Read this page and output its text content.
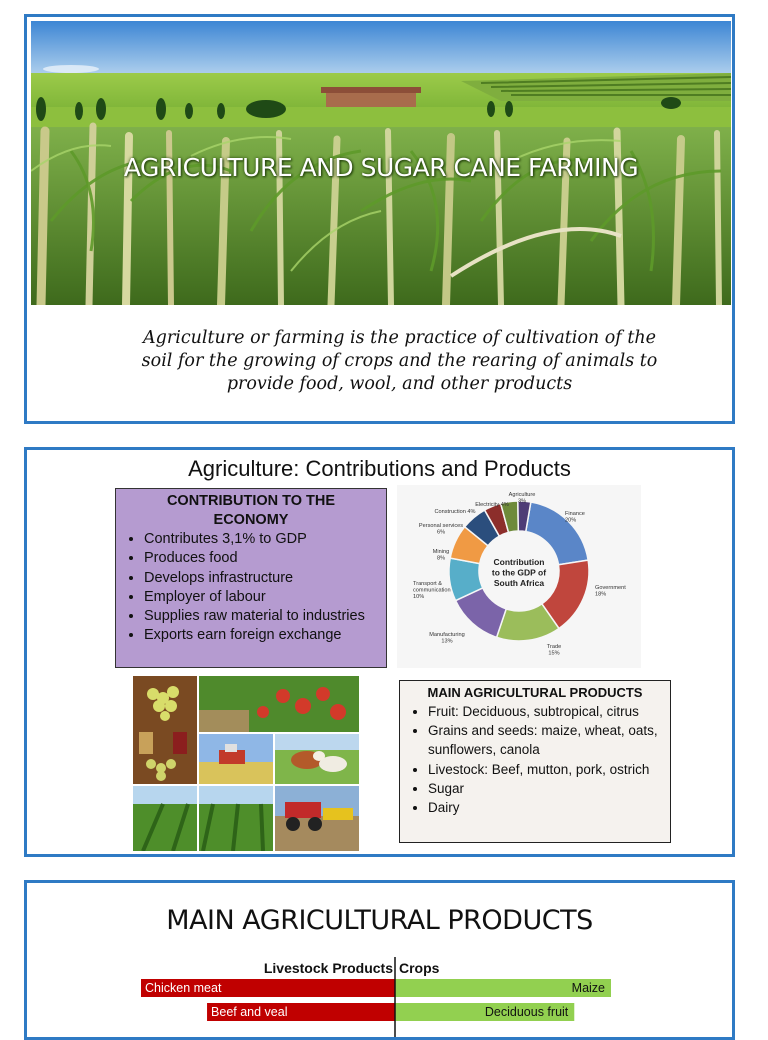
AGRICULTURE AND SUGAR CANE FARMING
Agriculture or farming is the practice of cultivation of the soil for the growing of crops and the rearing of animals to provide food, wool, and other products
Agriculture: Contributions and Products
CONTRIBUTION TO THE ECONOMY
• Contributes 3,1% to GDP
• Produces food
• Develops infrastructure
• Employer of labour
• Supplies raw material to industries
• Exports earn foreign exchange
Finance 20%
Government 18%
Trade 15%
Manufacturing 13%
Transport & communication 10%
Mining 8%
Personal services 6%
Construction 4%
Electricity 4%
Agriculture 3%
Contribution to the GDP of South Africa
MAIN AGRICULTURAL PRODUCTS
• Fruit: Deciduous, subtropical, citrus
• Grains and seeds: maize, wheat, oats, sunflowers, canola
• Livestock: Beef, mutton, pork, ostrich
• Sugar
• Dairy
MAIN AGRICULTURAL PRODUCTS
Livestock Products Crops
Chicken meat
Beef and veal
Maize
Deciduous fruit
